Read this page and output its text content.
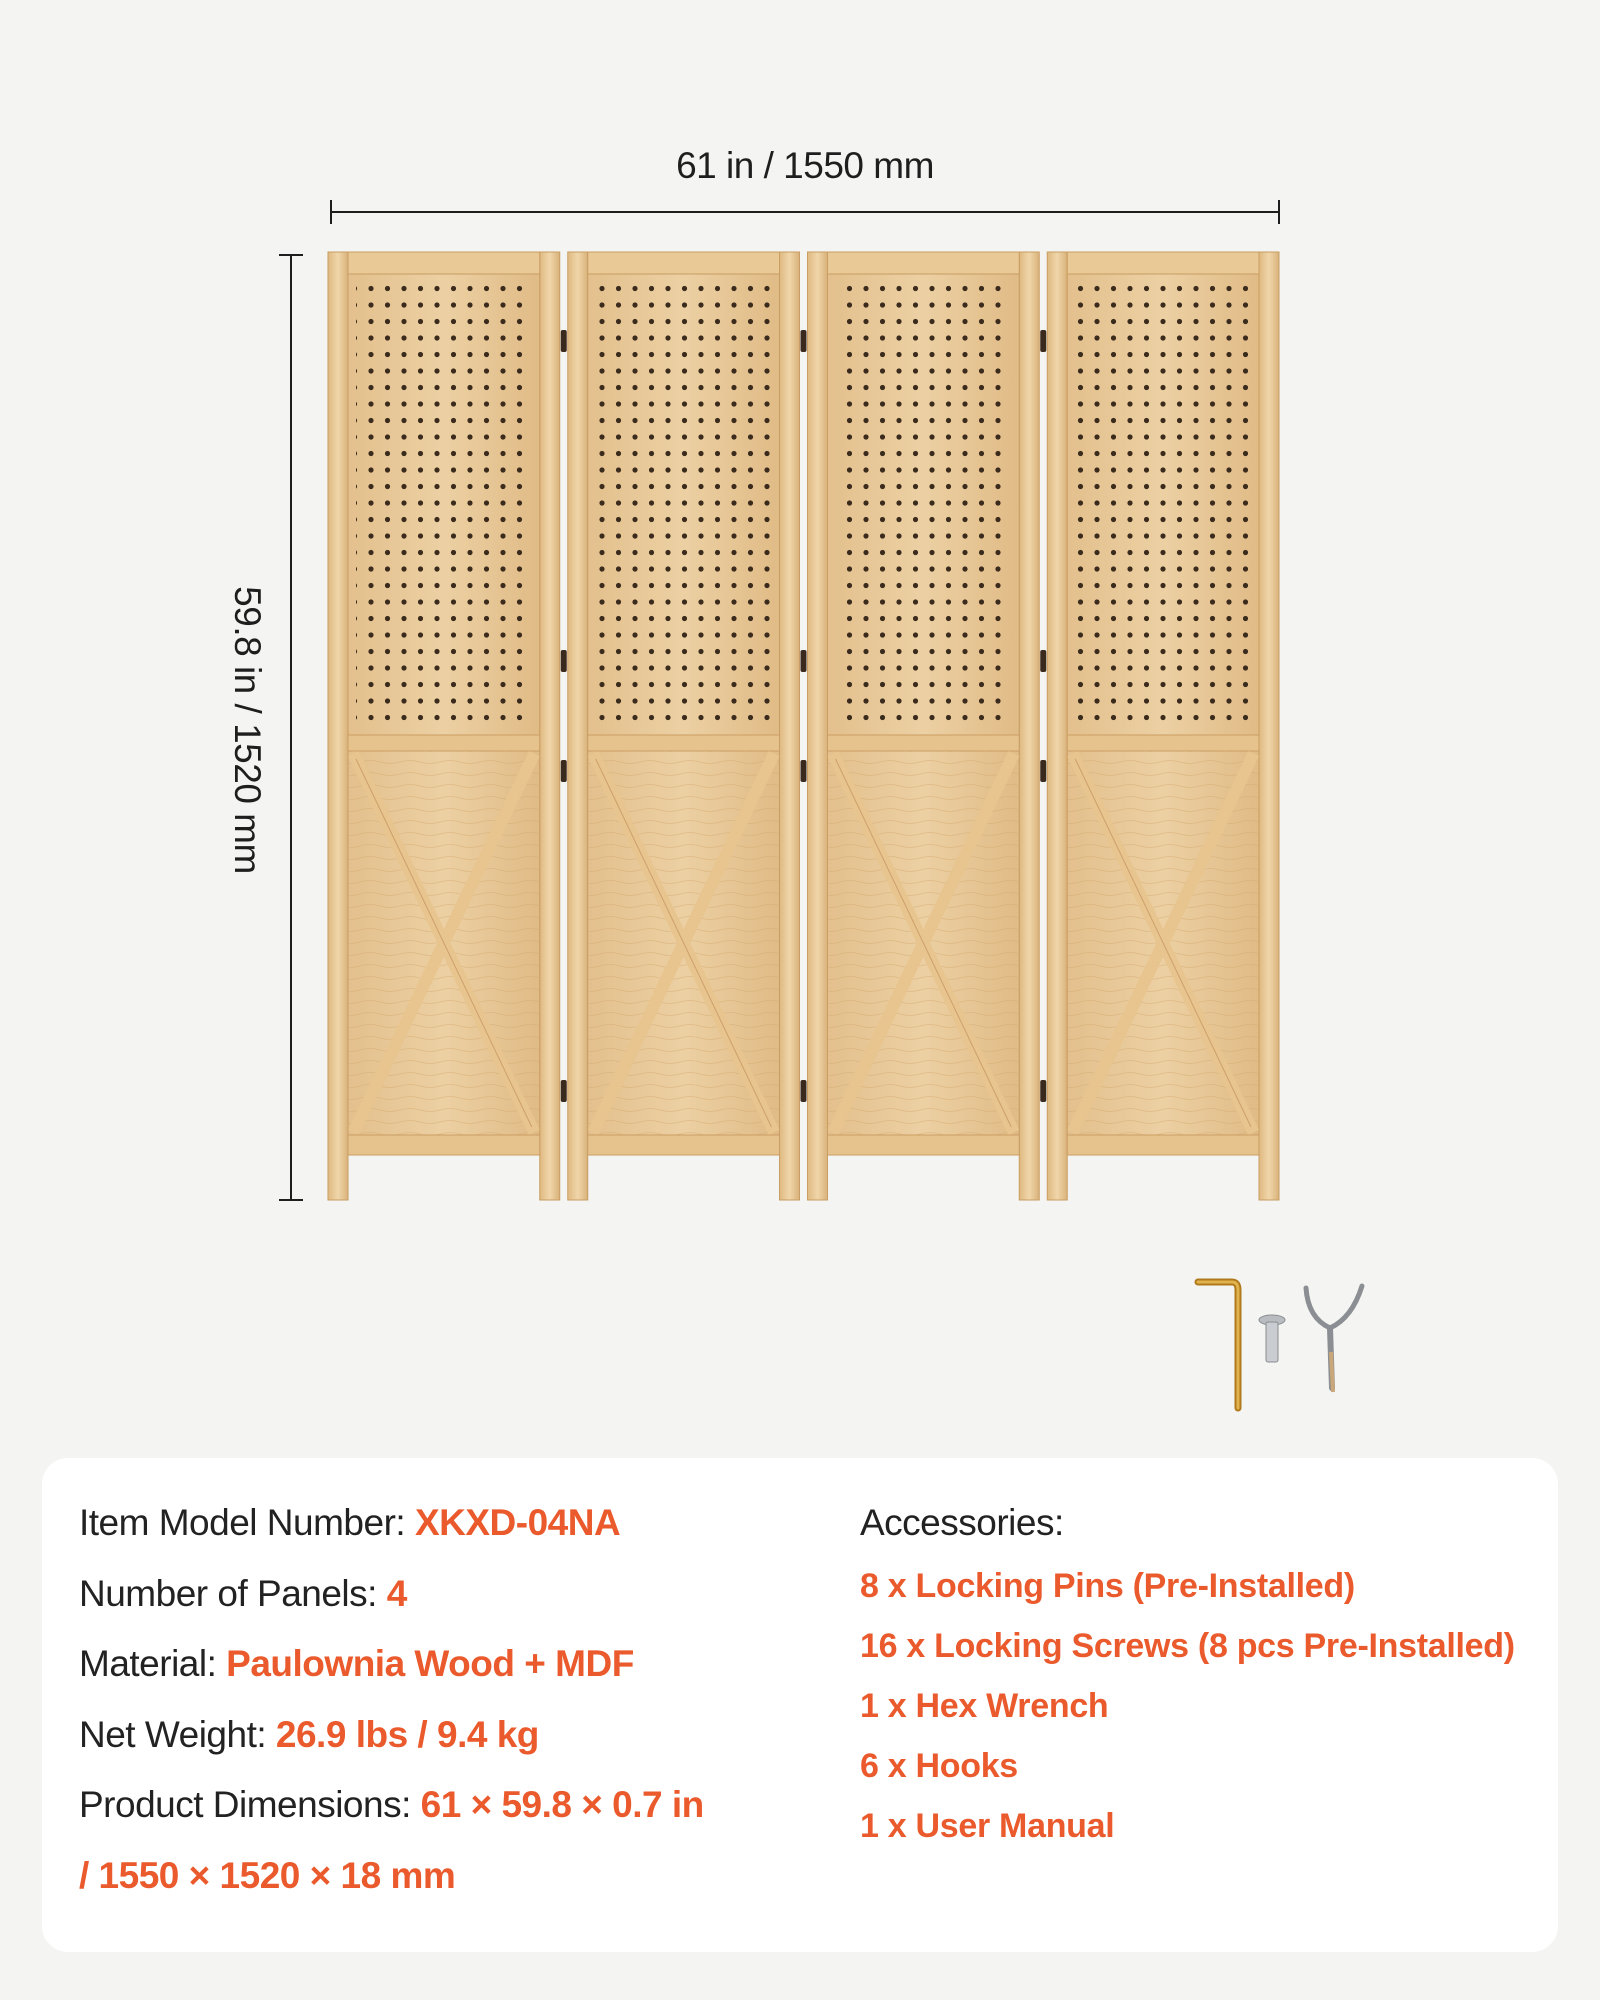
61 in / 1550 mm
59.8 in / 1520 mm
Item Model Number: XKXD-04NA
Number of Panels: 4
Material: Paulownia Wood + MDF
Net Weight: 26.9 lbs / 9.4 kg
Product Dimensions: 61 × 59.8 × 0.7 in
/ 1550 × 1520 × 18 mm
Accessories:
8 x Locking Pins (Pre-Installed)
16 x Locking Screws (8 pcs Pre-Installed)
1 x Hex Wrench
6 x Hooks
1 x User Manual
